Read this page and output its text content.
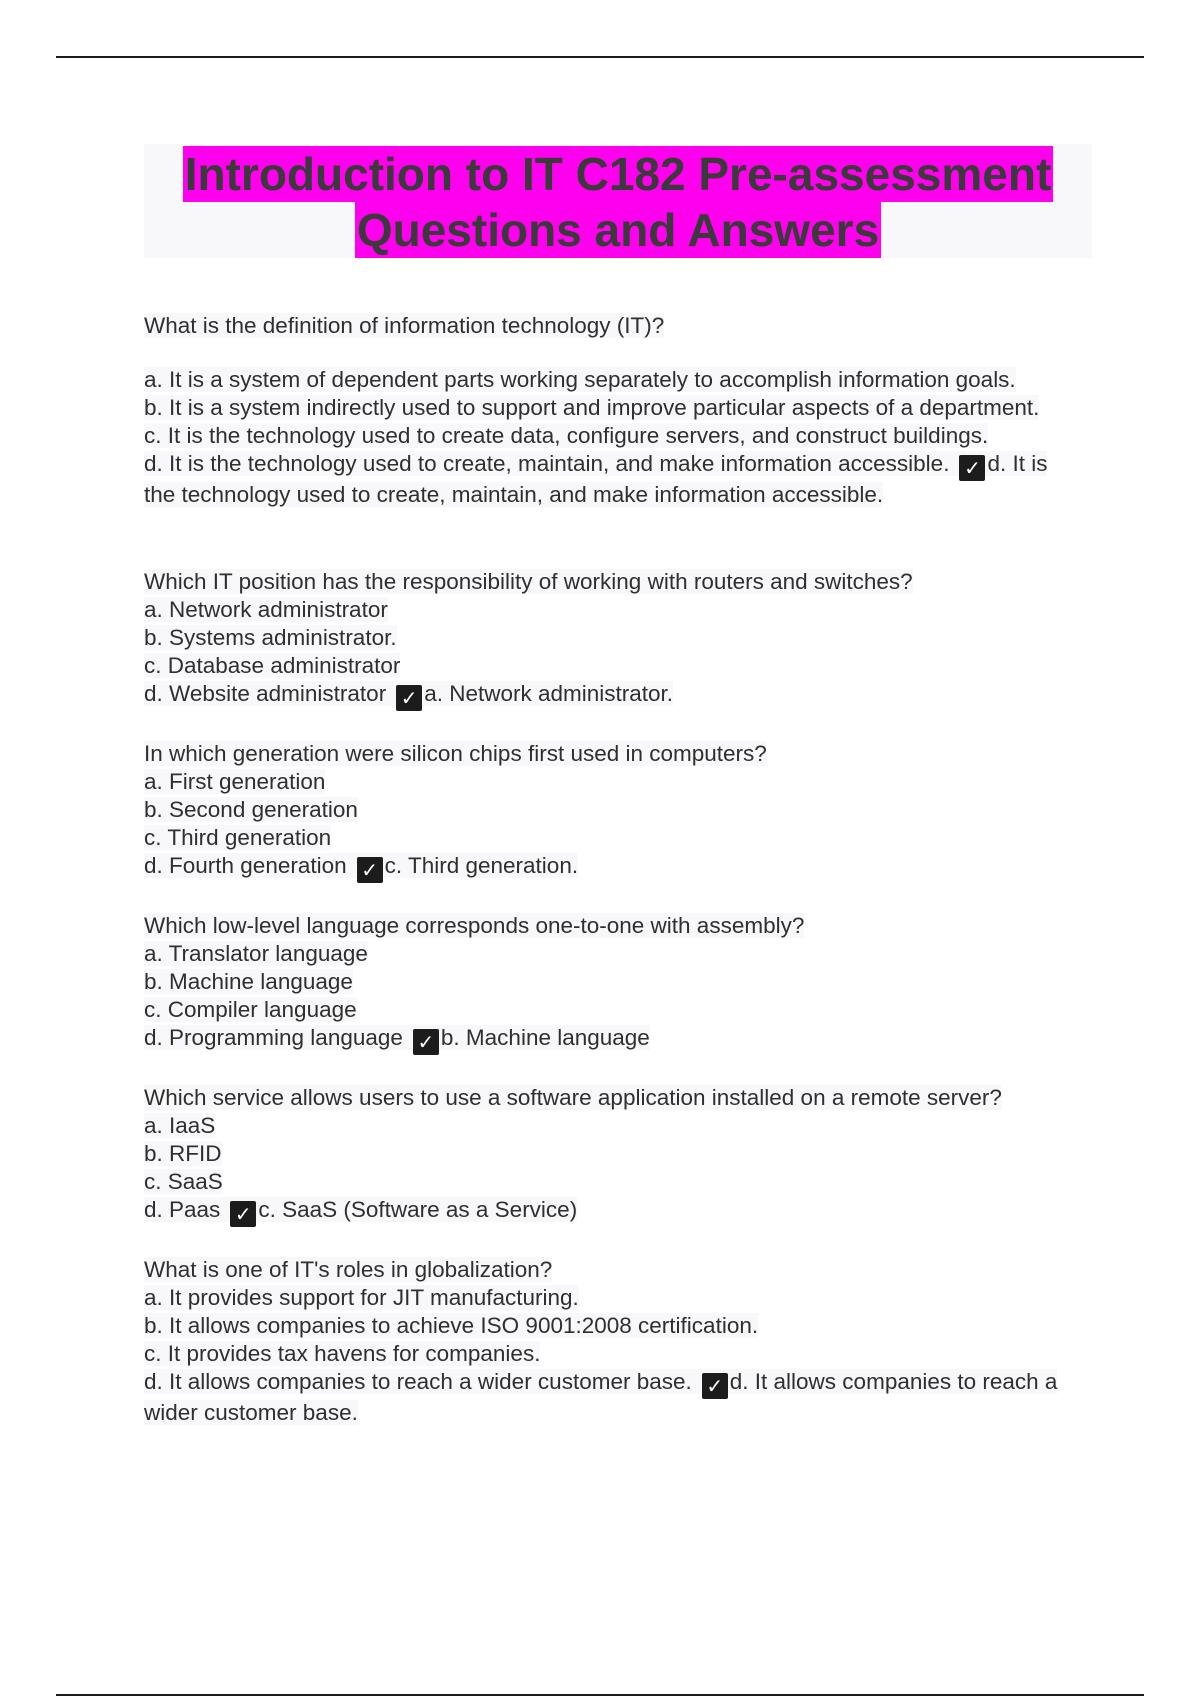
Introduction to IT C182 Pre-assessment
Questions and Answers
What is the definition of information technology (IT)?
a. It is a system of dependent parts working separately to accomplish information goals.
b. It is a system indirectly used to support and improve particular aspects of a department.
c. It is the technology used to create data, configure servers, and construct buildings.
d. It is the technology used to create, maintain, and make information accessible. ✓ d. It is the technology used to create, maintain, and make information accessible.
Which IT position has the responsibility of working with routers and switches?
a. Network administrator
b. Systems administrator.
c. Database administrator
d. Website administrator ✓ a. Network administrator.
In which generation were silicon chips first used in computers?
a. First generation
b. Second generation
c. Third generation
d. Fourth generation ✓ c. Third generation.
Which low-level language corresponds one-to-one with assembly?
a. Translator language
b. Machine language
c. Compiler language
d. Programming language ✓ b. Machine language
Which service allows users to use a software application installed on a remote server?
a. IaaS
b. RFID
c. SaaS
d. Paas ✓ c. SaaS (Software as a Service)
What is one of IT's roles in globalization?
a. It provides support for JIT manufacturing.
b. It allows companies to achieve ISO 9001:2008 certification.
c. It provides tax havens for companies.
d. It allows companies to reach a wider customer base. ✓ d. It allows companies to reach a wider customer base.
